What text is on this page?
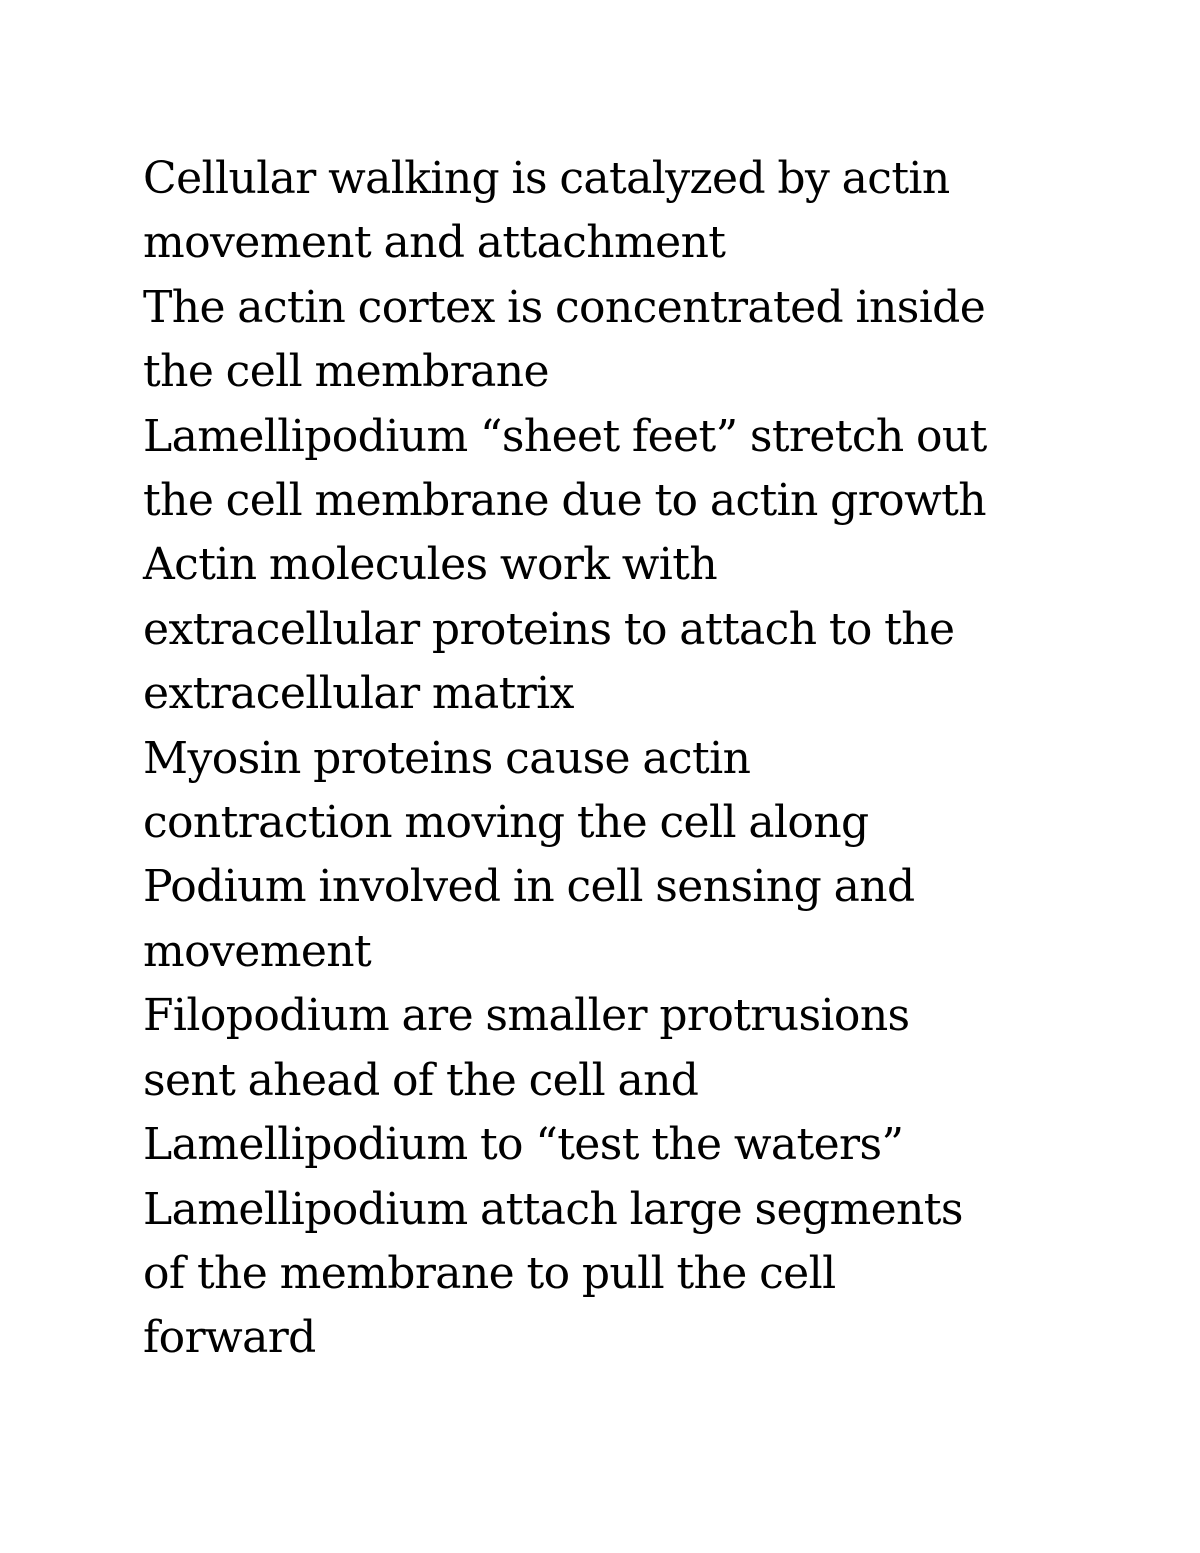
Cellular walking is catalyzed by actin
movement and attachment
The actin cortex is concentrated inside
the cell membrane
Lamellipodium “sheet feet” stretch out
the cell membrane due to actin growth
Actin molecules work with
extracellular proteins to attach to the
extracellular matrix
Myosin proteins cause actin
contraction moving the cell along
Podium involved in cell sensing and
movement
Filopodium are smaller protrusions
sent ahead of the cell and
Lamellipodium to “test the waters”
Lamellipodium attach large segments
of the membrane to pull the cell
forward
